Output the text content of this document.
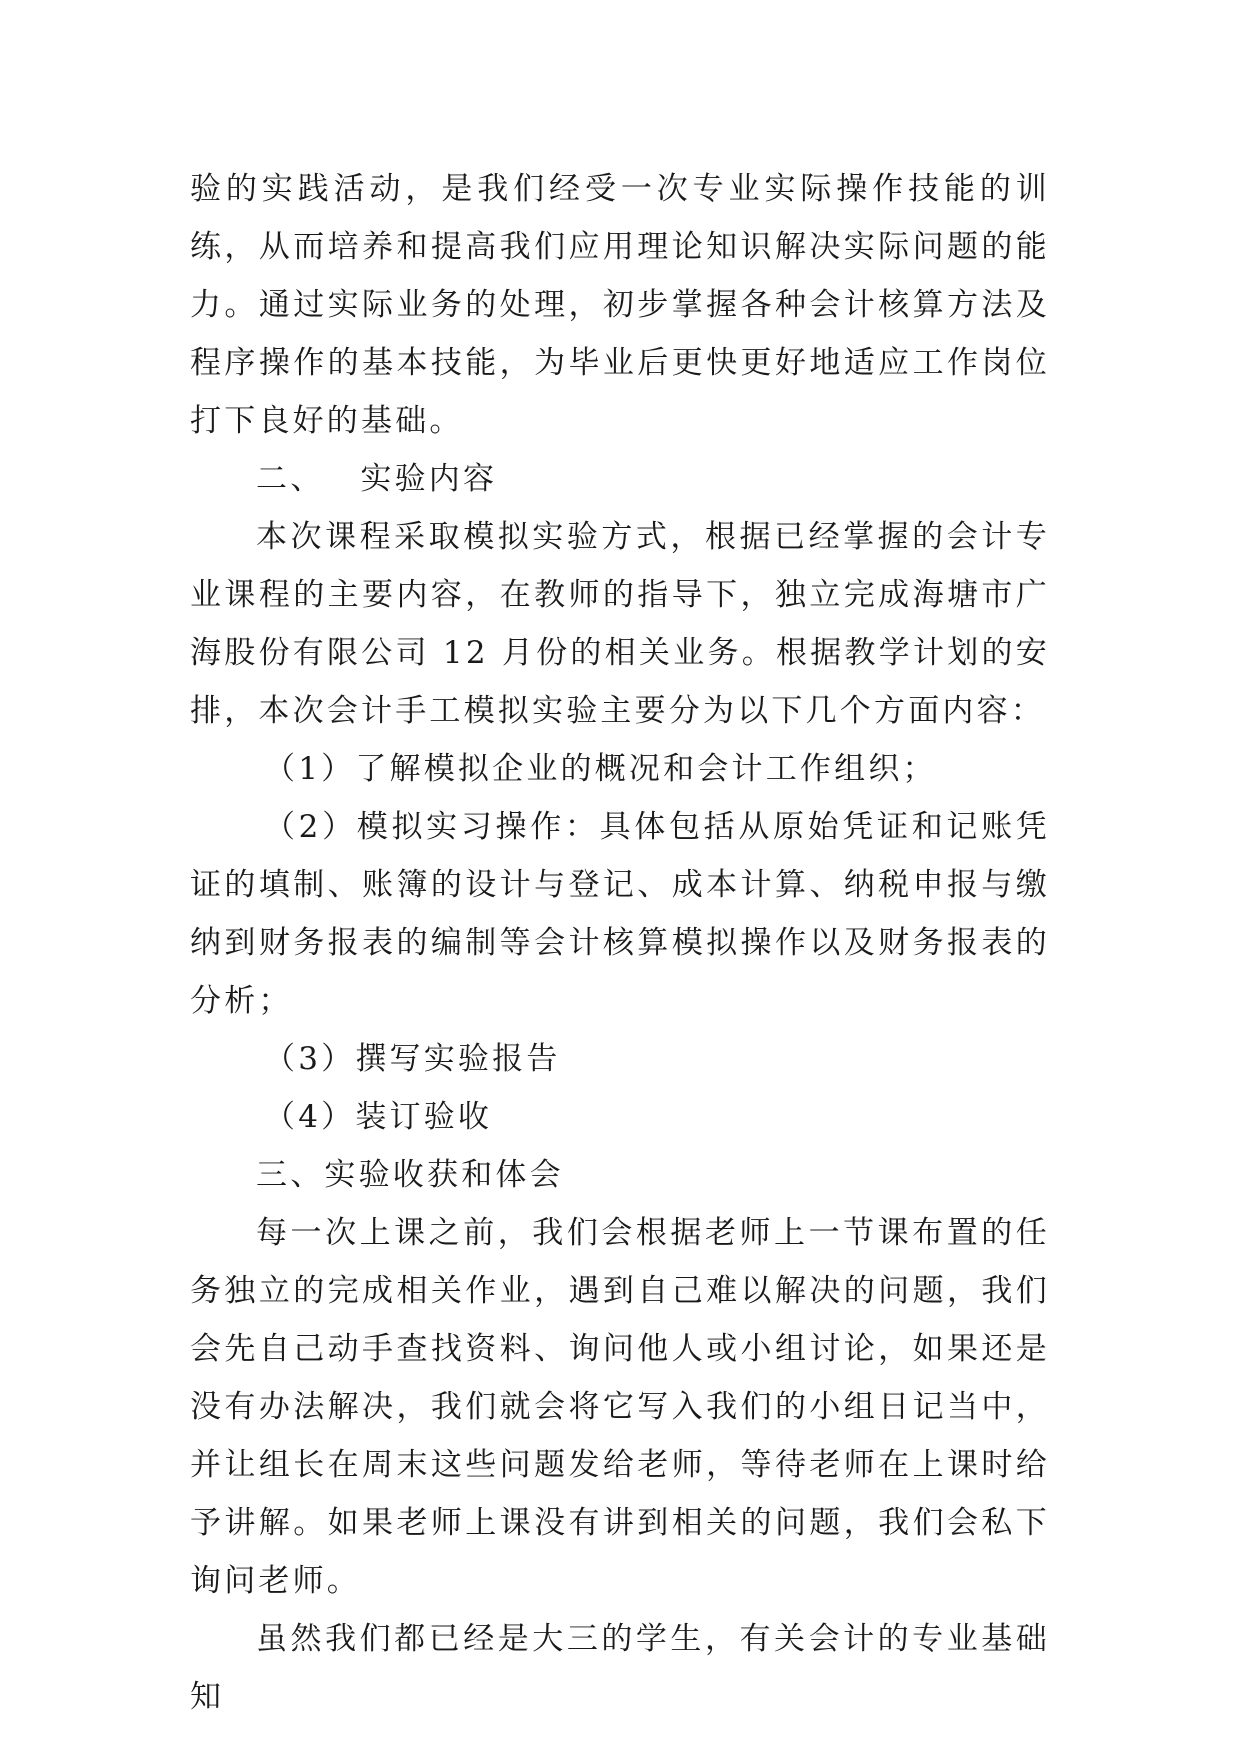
验的实践活动，是我们经受一次专业实际操作技能的训练，从而培养和提高我们应用理论知识解决实际问题的能力。通过实际业务的处理，初步掌握各种会计核算方法及程序操作的基本技能，为毕业后更快更好地适应工作岗位打下良好的基础。

二、 实验内容

本次课程采取模拟实验方式，根据已经掌握的会计专业课程的主要内容，在教师的指导下，独立完成海塘市广海股份有限公司 12 月份的相关业务。根据教学计划的安排，本次会计手工模拟实验主要分为以下几个方面内容：

（1）了解模拟企业的概况和会计工作组织；

（2）模拟实习操作：具体包括从原始凭证和记账凭证的填制、账簿的设计与登记、成本计算、纳税申报与缴纳到财务报表的编制等会计核算模拟操作以及财务报表的分析；

（3）撰写实验报告

（4）装订验收

三、实验收获和体会

每一次上课之前，我们会根据老师上一节课布置的任务独立的完成相关作业，遇到自己难以解决的问题，我们会先自己动手查找资料、询问他人或小组讨论，如果还是没有办法解决，我们就会将它写入我们的小组日记当中，并让组长在周末这些问题发给老师，等待老师在上课时给予讲解。如果老师上课没有讲到相关的问题，我们会私下询问老师。

虽然我们都已经是大三的学生，有关会计的专业基础知
